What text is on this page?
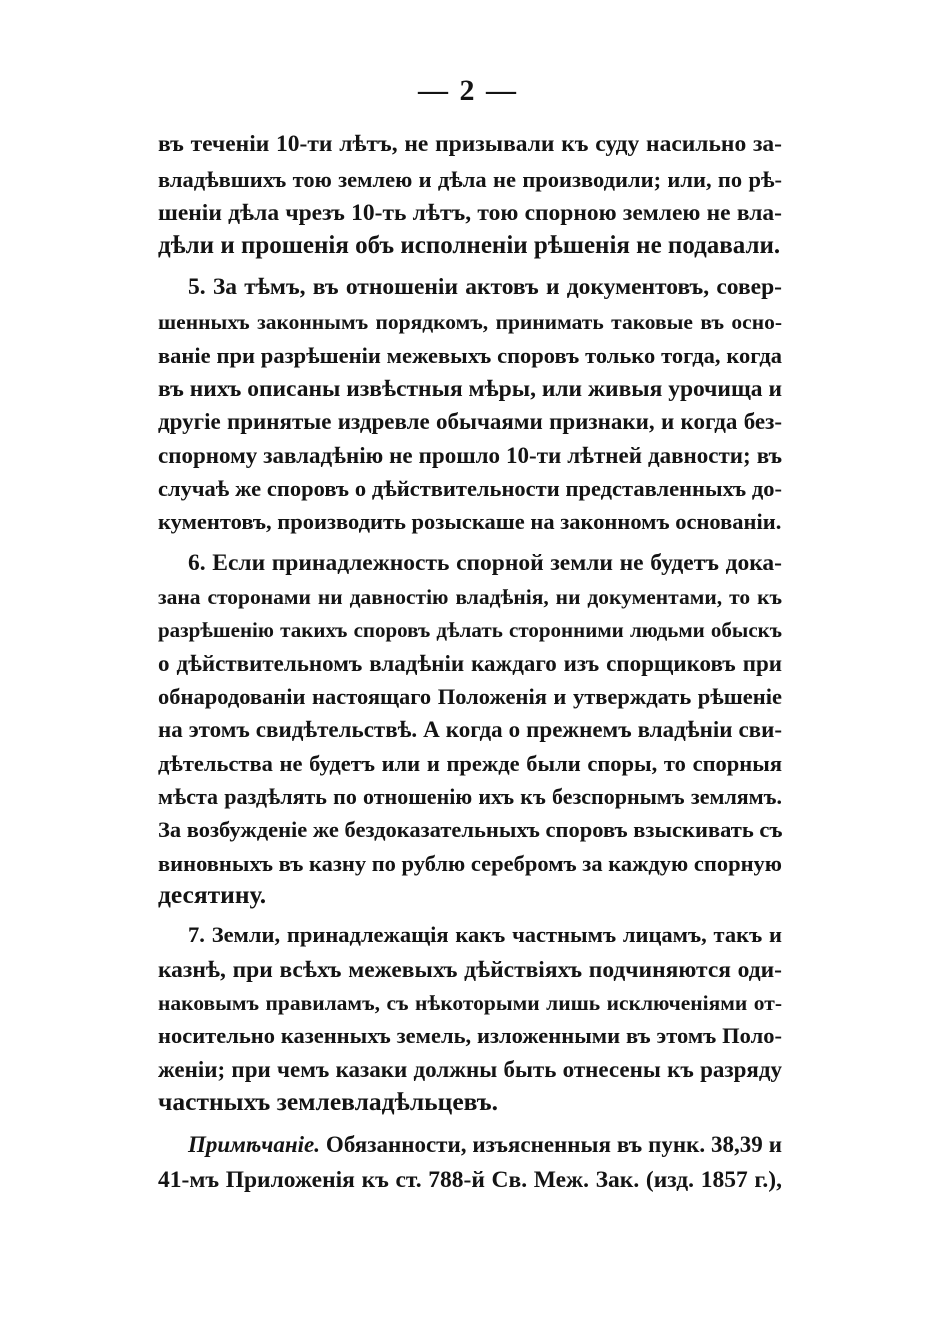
— 2 —
въ теченіи 10-ти лѣтъ, не призывали къ суду насильно за-
владѣвшихъ тою землею и дѣла не производили; или, по рѣ-
шеніи дѣла чрезъ 10-ть лѣтъ, тою спорною землею не вла-
дѣли и прошенія объ исполненіи рѣшенія не подавали.
5. За тѣмъ, въ отношеніи актовъ и документовъ, совер-
шенныхъ законнымъ порядкомъ, принимать таковые въ осно-
ваніе при разрѣшеніи межевыхъ споровъ только тогда, когда
въ нихъ описаны извѣстныя мѣры, или живыя урочища и
другіе принятые издревле обычаями признаки, и когда без-
спорному завладѣнію не прошло 10-ти лѣтней давности; въ
случаѣ же споровъ о дѣйствительности представленныхъ до-
кументовъ, производить розыскаше на законномъ основаніи.
6. Если принадлежность спорной земли не будетъ дока-
зана сторонами ни давностію владѣнія, ни документами, то къ
разрѣшенію такихъ споровъ дѣлать сторонними людьми обыскъ
о дѣйствительномъ владѣніи каждаго изъ спорщиковъ при
обнародованіи настоящаго Положенія и утверждать рѣшеніе
на этомъ свидѣтельствѣ. А когда о прежнемъ владѣніи сви-
дѣтельства не будетъ или и прежде были споры, то спорныя
мѣста раздѣлять по отношенію ихъ къ безспорнымъ землямъ.
За возбужденіе же бездоказательныхъ споровъ взыскивать съ
виновныхъ въ казну по рублю серебромъ за каждую спорную
десятину.
7. Земли, принадлежащія какъ частнымъ лицамъ, такъ и
казнѣ, при всѣхъ межевыхъ дѣйствіяхъ подчиняются оди-
наковымъ правиламъ, съ нѣкоторыми лишь исключеніями от-
носительно казенныхъ земель, изложенными въ этомъ Поло-
женіи; при чемъ казаки должны быть отнесены къ разряду
частныхъ землевладѣльцевъ.
Примѣчаніе. Обязанности, изъясненныя въ пунк. 38,39 и
41-мъ Приложенія къ ст. 788-й Св. Меж. Зак. (изд. 1857 г.),
